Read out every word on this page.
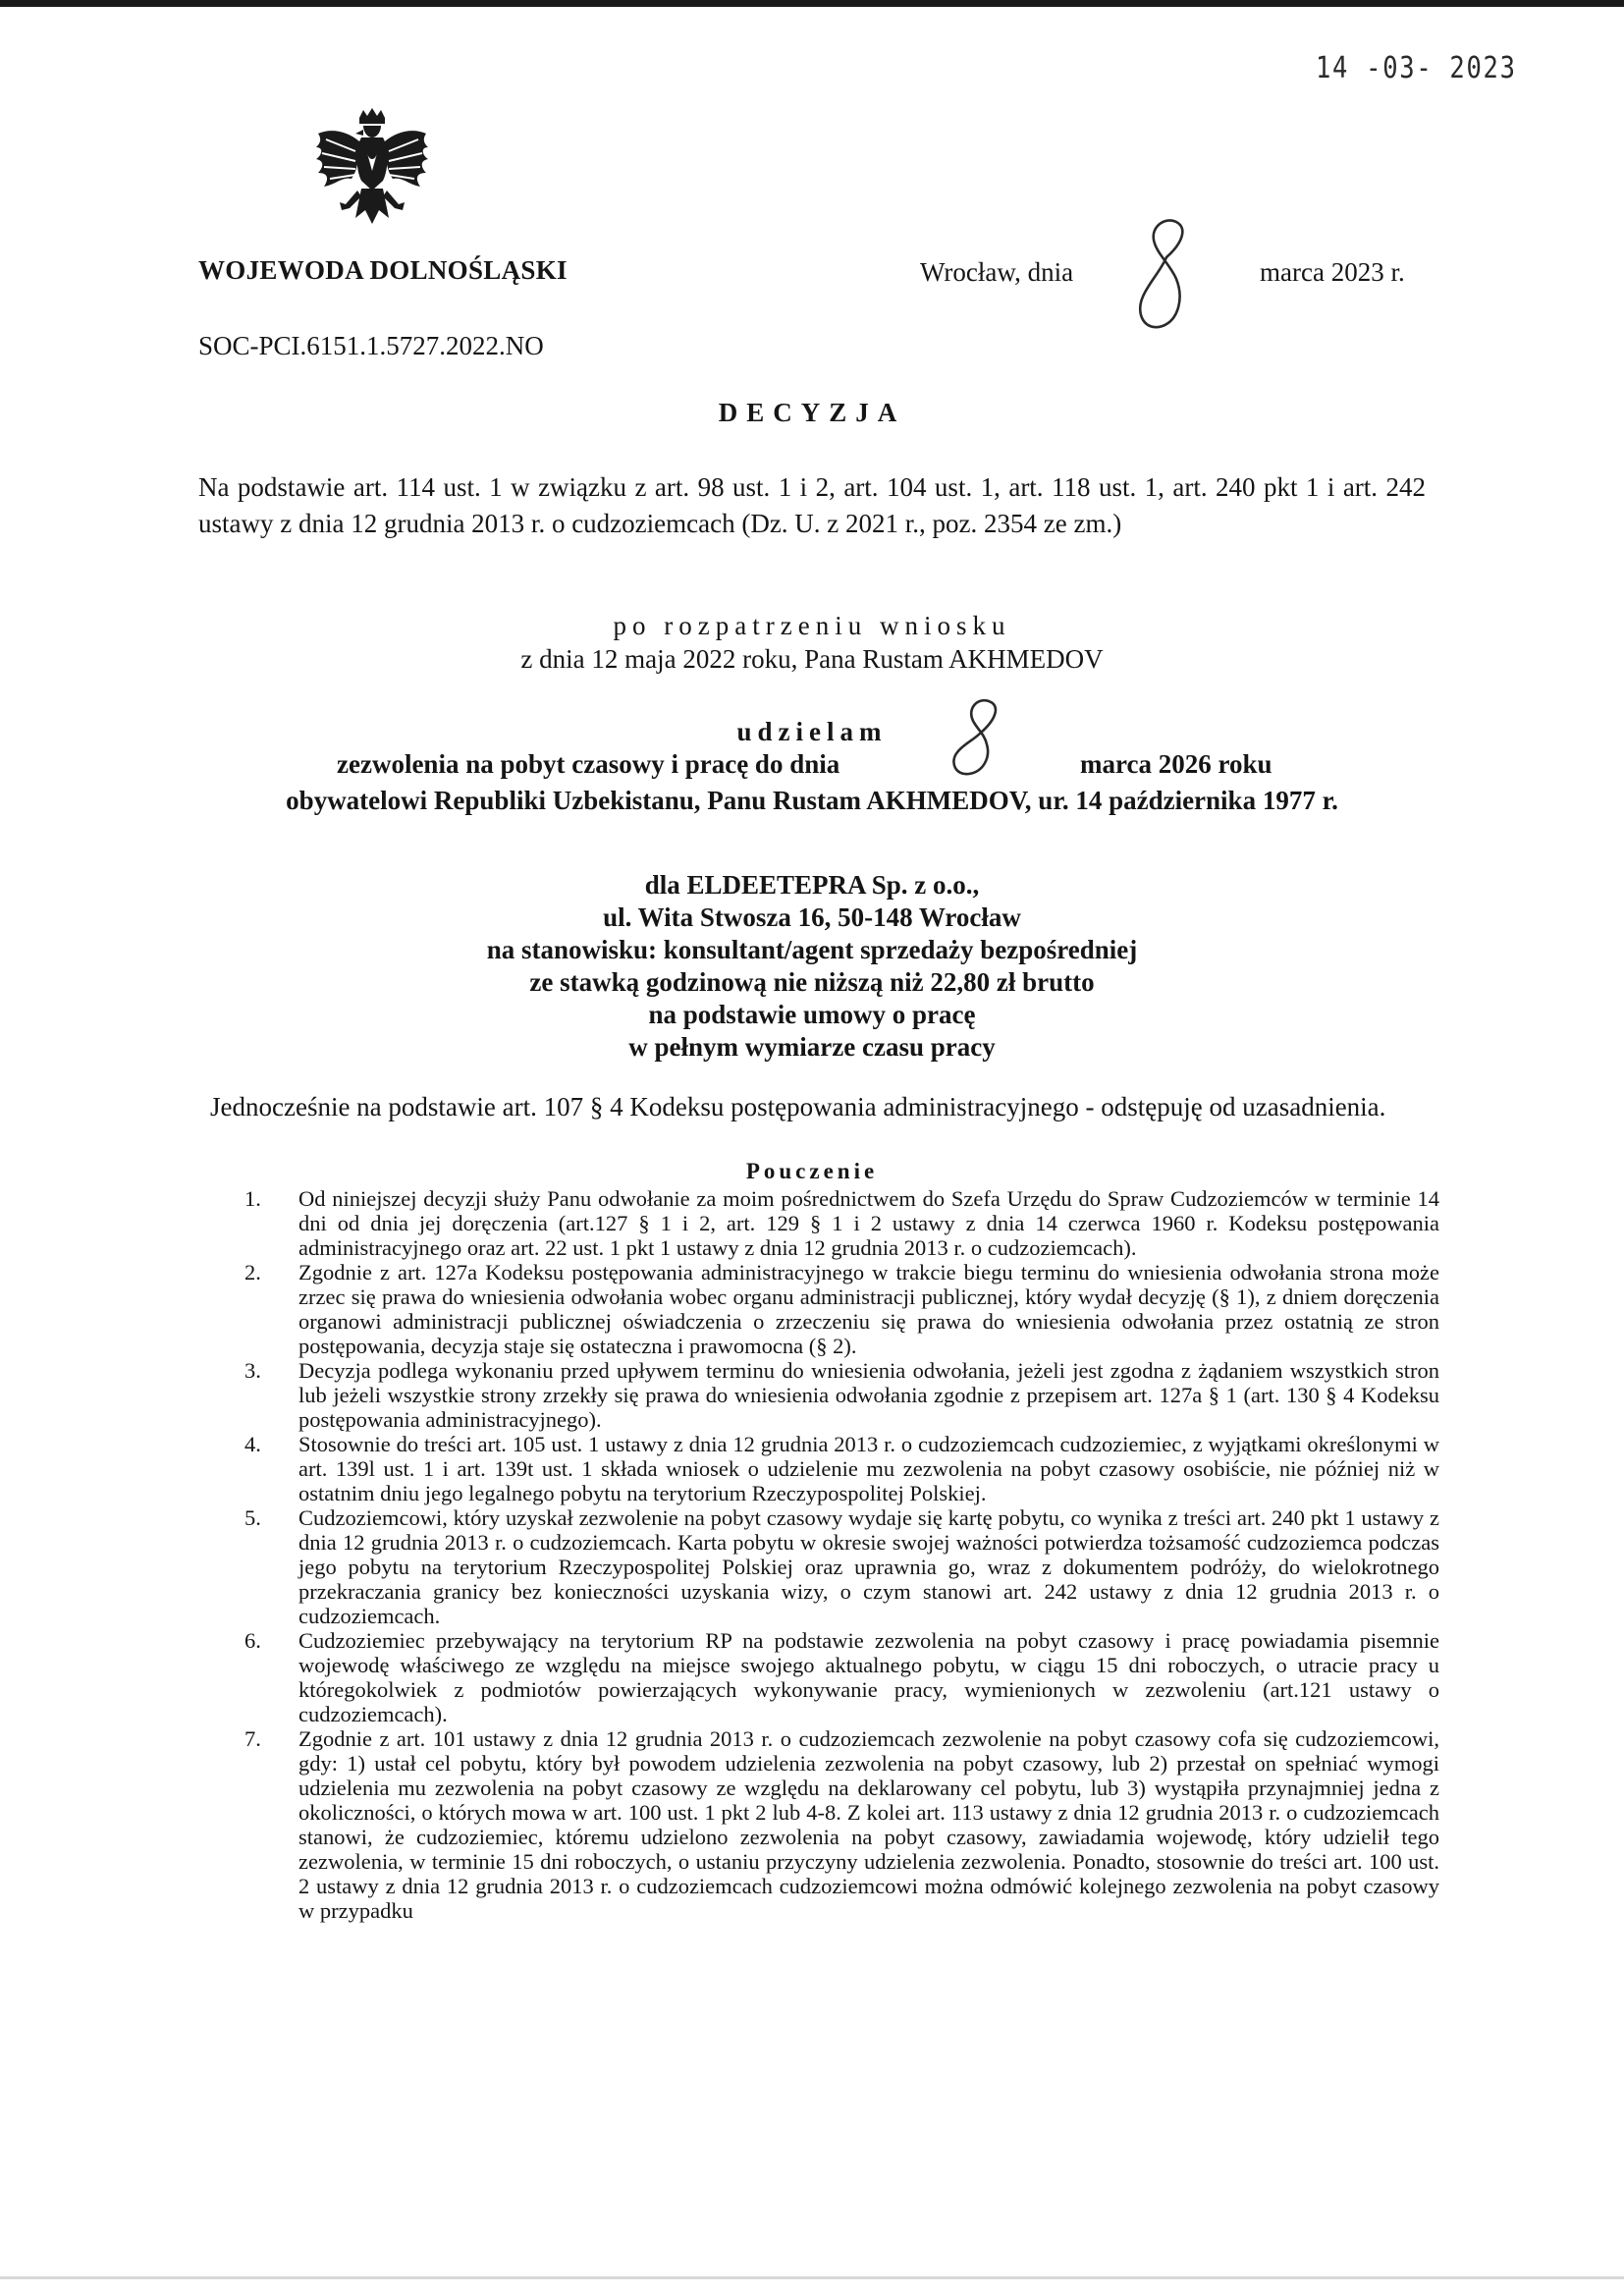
14 -03- 2023
WOJEWODA DOLNOŚLĄSKI	Wrocław, dnia	marca 2023 r.
SOC-PCI.6151.1.5727.2022.NO
DECYZJA
Na podstawie art. 114 ust. 1 w związku z art. 98 ust. 1 i 2, art. 104 ust. 1, art. 118 ust. 1, art. 240 pkt 1 i art. 242 ustawy z dnia 12 grudnia 2013 r. o cudzoziemcach (Dz. U. z 2021 r., poz. 2354 ze zm.)
po rozpatrzeniu wniosku
z dnia 12 maja 2022 roku, Pana Rustam AKHMEDOV
udzielam
zezwolenia na pobyt czasowy i pracę do dnia	marca 2026 roku
obywatelowi Republiki Uzbekistanu, Panu Rustam AKHMEDOV, ur. 14 października 1977 r.
dla ELDEETEPRA Sp. z o.o.,
ul. Wita Stwosza 16, 50-148 Wrocław
na stanowisku: konsultant/agent sprzedaży bezpośredniej
ze stawką godzinową nie niższą niż 22,80 zł brutto
na podstawie umowy o pracę
w pełnym wymiarze czasu pracy
Jednocześnie na podstawie art. 107 § 4 Kodeksu postępowania administracyjnego - odstępuję od uzasadnienia.
Pouczenie
1.	Od niniejszej decyzji służy Panu odwołanie za moim pośrednictwem do Szefa Urzędu do Spraw Cudzoziemców w terminie 14 dni od dnia jej doręczenia (art.127 § 1 i 2, art. 129 § 1 i 2 ustawy z dnia 14 czerwca 1960 r. Kodeksu postępowania administracyjnego oraz art. 22 ust. 1 pkt 1 ustawy z dnia 12 grudnia 2013 r. o cudzoziemcach).
2.	Zgodnie z art. 127a Kodeksu postępowania administracyjnego w trakcie biegu terminu do wniesienia odwołania strona może zrzec się prawa do wniesienia odwołania wobec organu administracji publicznej, który wydał decyzję (§ 1), z dniem doręczenia organowi administracji publicznej oświadczenia o zrzeczeniu się prawa do wniesienia odwołania przez ostatnią ze stron postępowania, decyzja staje się ostateczna i prawomocna (§ 2).
3.	Decyzja podlega wykonaniu przed upływem terminu do wniesienia odwołania, jeżeli jest zgodna z żądaniem wszystkich stron lub jeżeli wszystkie strony zrzekły się prawa do wniesienia odwołania zgodnie z przepisem art. 127a § 1 (art. 130 § 4 Kodeksu postępowania administracyjnego).
4.	Stosownie do treści art. 105 ust. 1 ustawy z dnia 12 grudnia 2013 r. o cudzoziemcach cudzoziemiec, z wyjątkami określonymi w art. 139l ust. 1 i art. 139t ust. 1 składa wniosek o udzielenie mu zezwolenia na pobyt czasowy osobiście, nie później niż w ostatnim dniu jego legalnego pobytu na terytorium Rzeczypospolitej Polskiej.
5.	Cudzoziemcowi, który uzyskał zezwolenie na pobyt czasowy wydaje się kartę pobytu, co wynika z treści art. 240 pkt 1 ustawy z dnia 12 grudnia 2013 r. o cudzoziemcach. Karta pobytu w okresie swojej ważności potwierdza tożsamość cudzoziemca podczas jego pobytu na terytorium Rzeczypospolitej Polskiej oraz uprawnia go, wraz z dokumentem podróży, do wielokrotnego przekraczania granicy bez konieczności uzyskania wizy, o czym stanowi art. 242 ustawy z dnia 12 grudnia 2013 r. o cudzoziemcach.
6.	Cudzoziemiec przebywający na terytorium RP na podstawie zezwolenia na pobyt czasowy i pracę powiadamia pisemnie wojewodę właściwego ze względu na miejsce swojego aktualnego pobytu, w ciągu 15 dni roboczych, o utracie pracy u któregokolwiek z podmiotów powierzających wykonywanie pracy, wymienionych w zezwoleniu (art.121 ustawy o cudzoziemcach).
7.	Zgodnie z art. 101 ustawy z dnia 12 grudnia 2013 r. o cudzoziemcach zezwolenie na pobyt czasowy cofa się cudzoziemcowi, gdy: 1) ustał cel pobytu, który był powodem udzielenia zezwolenia na pobyt czasowy, lub 2) przestał on spełniać wymogi udzielenia mu zezwolenia na pobyt czasowy ze względu na deklarowany cel pobytu, lub 3) wystąpiła przynajmniej jedna z okoliczności, o których mowa w art. 100 ust. 1 pkt 2 lub 4-8. Z kolei art. 113 ustawy z dnia 12 grudnia 2013 r. o cudzoziemcach stanowi, że cudzoziemiec, któremu udzielono zezwolenia na pobyt czasowy, zawiadamia wojewodę, który udzielił tego zezwolenia, w terminie 15 dni roboczych, o ustaniu przyczyny udzielenia zezwolenia. Ponadto, stosownie do treści art. 100 ust. 2 ustawy z dnia 12 grudnia 2013 r. o cudzoziemcach cudzoziemcowi można odmówić kolejnego zezwolenia na pobyt czasowy w przypadku
